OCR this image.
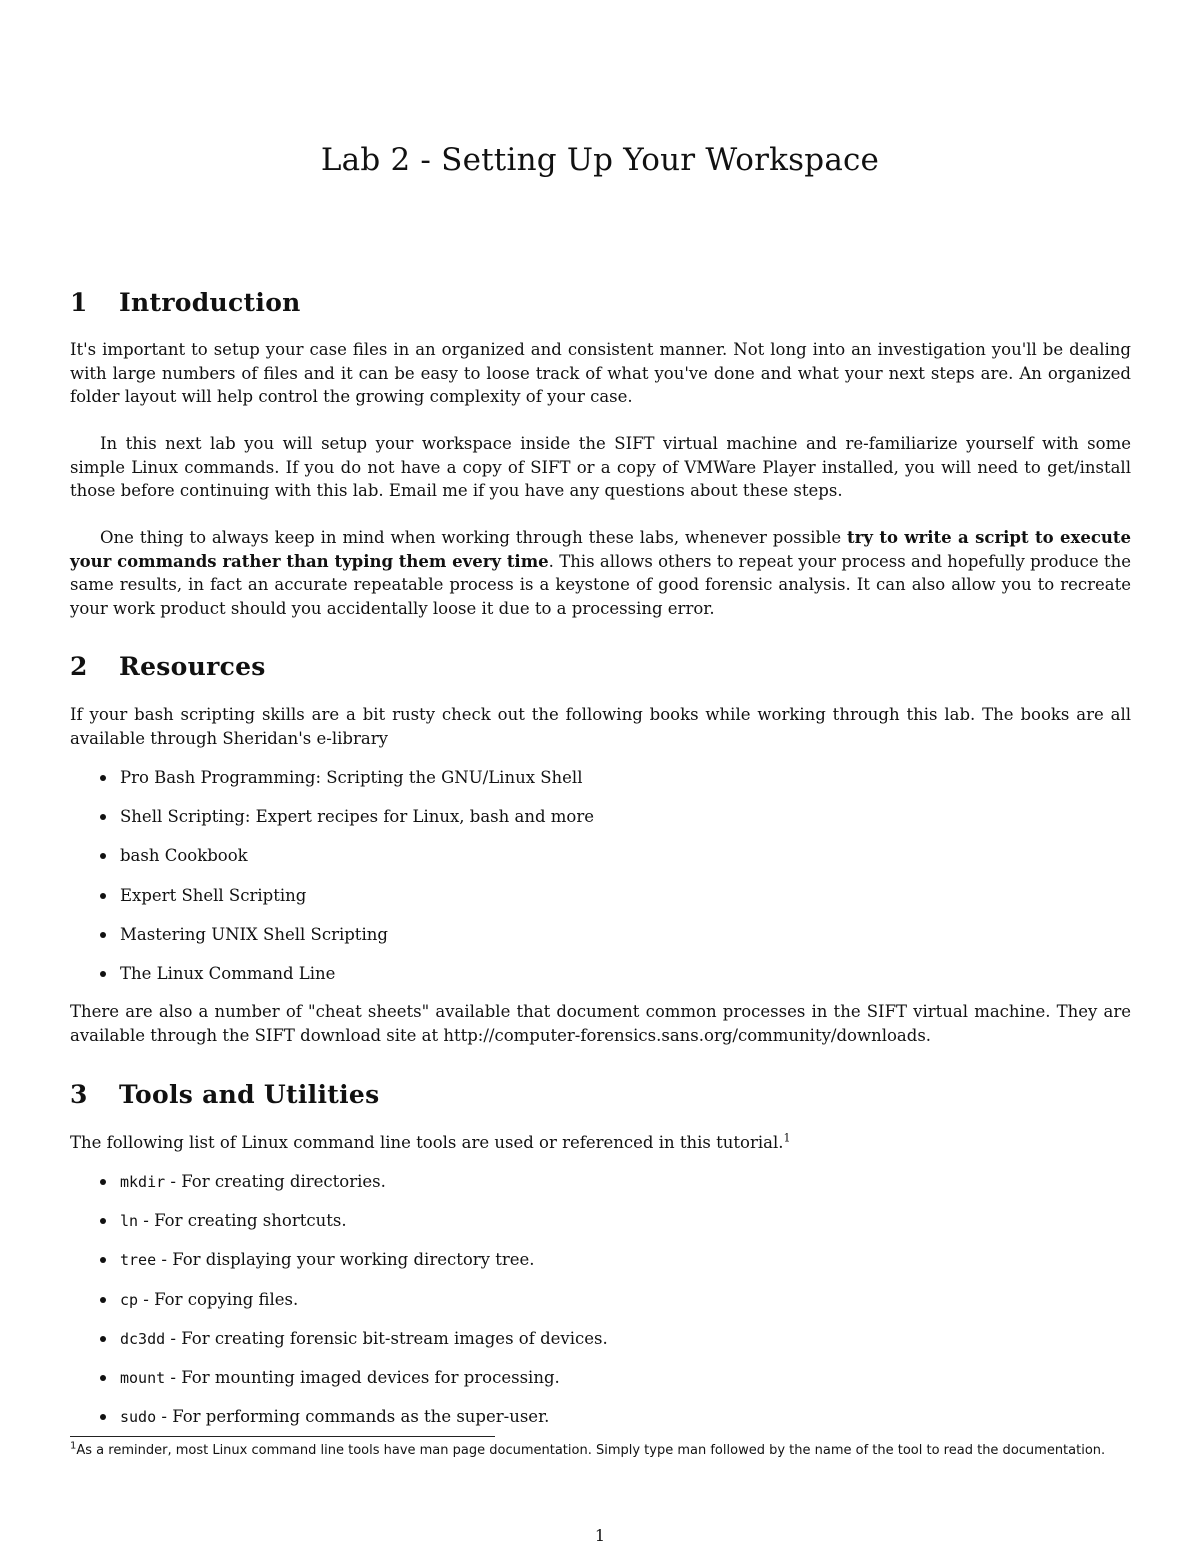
Lab 2 - Setting Up Your Workspace
1 Introduction

It's important to setup your case files in an organized and consistent manner. Not long into an investigation you'll be dealing with large numbers of files and it can be easy to loose track of what you've done and what your next steps are. An organized folder layout will help control the growing complexity of your case.

In this next lab you will setup your workspace inside the SIFT virtual machine and re-familiarize yourself with some simple Linux commands. If you do not have a copy of SIFT or a copy of VMWare Player installed, you will need to get/install those before continuing with this lab. Email me if you have any questions about these steps.

One thing to always keep in mind when working through these labs, whenever possible try to write a script to execute your commands rather than typing them every time. This allows others to repeat your process and hopefully produce the same results, in fact an accurate repeatable process is a keystone of good forensic analysis. It can also allow you to recreate your work product should you accidentally loose it due to a processing error.

2 Resources

If your bash scripting skills are a bit rusty check out the following books while working through this lab. The books are all available through Sheridan's e-library

Pro Bash Programming: Scripting the GNU/Linux Shell
Shell Scripting: Expert recipes for Linux, bash and more
bash Cookbook
Expert Shell Scripting
Mastering UNIX Shell Scripting
The Linux Command Line

There are also a number of "cheat sheets" available that document common processes in the SIFT virtual machine. They are available through the SIFT download site at http://computer-forensics.sans.org/community/downloads.

3 Tools and Utilities

The following list of Linux command line tools are used or referenced in this tutorial.$^1$

mkdir - For creating directories.
ln - For creating shortcuts.
tree - For displaying your working directory tree.
cp - For copying files.
dc3dd - For creating forensic bit-stream images of devices.
mount - For mounting imaged devices for processing.
sudo - For performing commands as the super-user.

$^1$As a reminder, most Linux command line tools have man page documentation. Simply type man followed by the name of the tool to read the documentation.

1
